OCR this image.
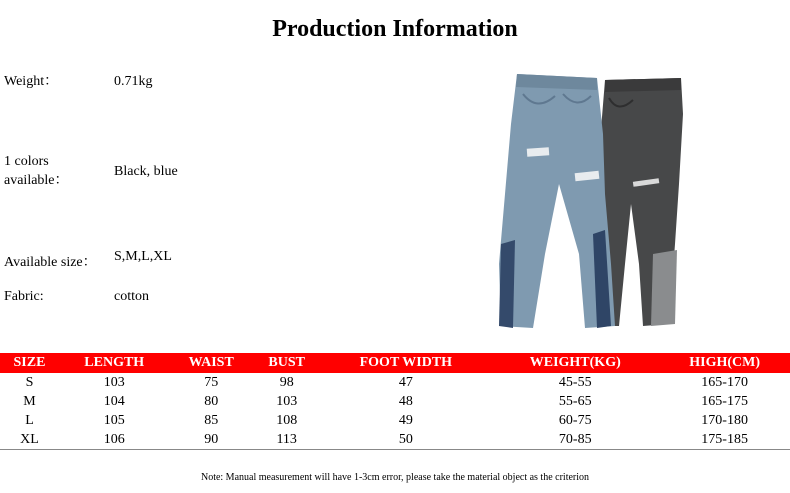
Production Information
Weight：	0.71kg
1 colors available：
Black, blue
Available size： S,M,L,XL
Fabric:	cotton
SIZE	LENGTH	WAIST	BUST	FOOT WIDTH	WEIGHT(KG)	HIGH(CM)
S	103	75	98	47	45-55	165-170
M	104	80	103	48	55-65	165-175
L	105	85	108	49	60-75	170-180
XL	106	90	113	50	70-85	175-185
Note: Manual measurement will have 1-3cm error, please take the material object as the criterion
